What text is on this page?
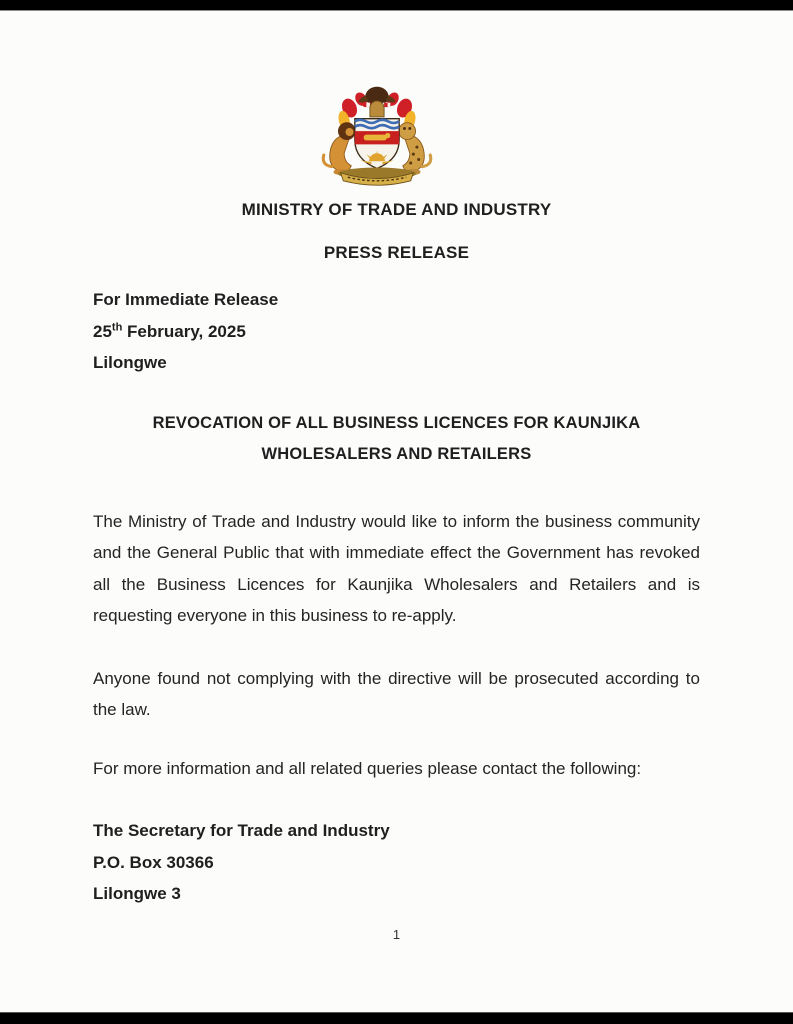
MINISTRY OF TRADE AND INDUSTRY
PRESS RELEASE

For Immediate Release

25th February, 2025

Lilongwe

REVOCATION OF ALL BUSINESS LICENCES FOR KAUNJIKA

WHOLESALERS AND RETAILERS

The Ministry of Trade and Industry would like to inform the business community and the General Public that with immediate effect the Government has revoked all the Business Licences for Kaunjika Wholesalers and Retailers and is requesting everyone in this business to re-apply.

Anyone found not complying with the directive will be prosecuted according to the law.

For more information and all related queries please contact the following:

The Secretary for Trade and Industry

P.O. Box 30366

Lilongwe 3

1
